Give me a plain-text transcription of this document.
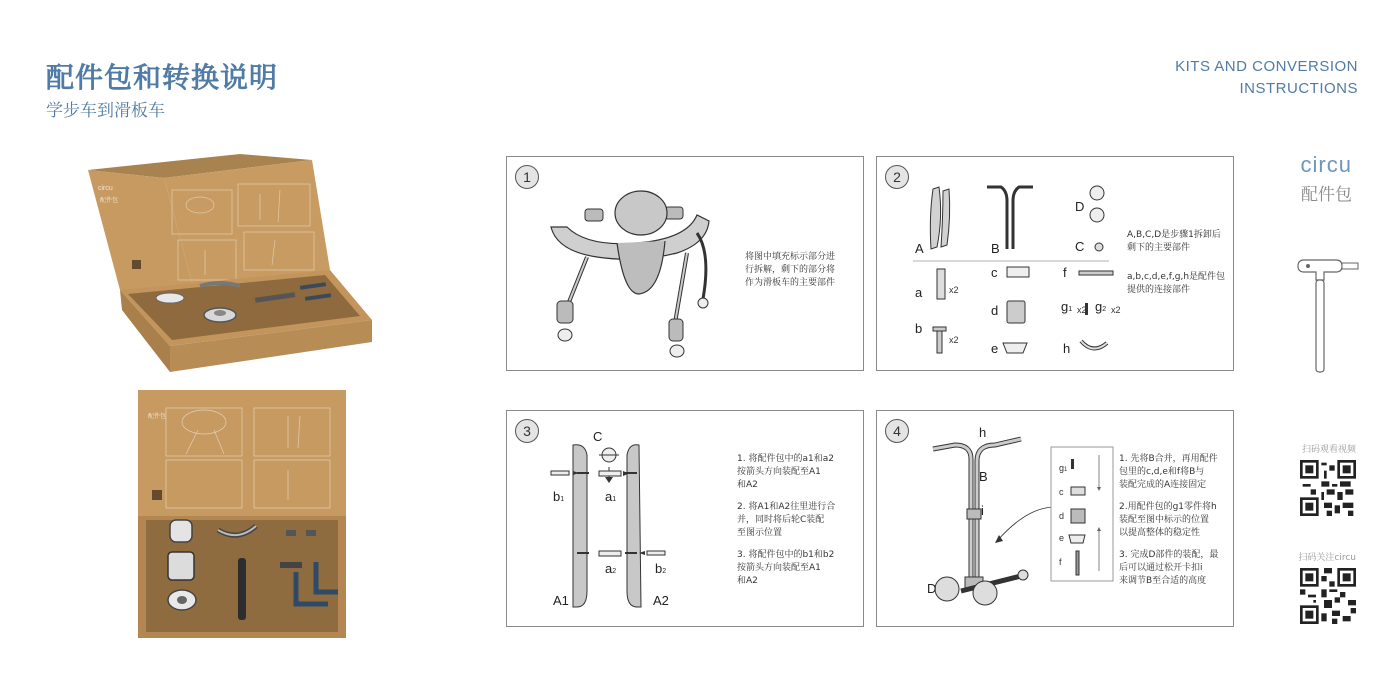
配件包和转换说明
学步车到滑板车
KITS AND CONVERSION
INSTRUCTIONS
circu
配件包
配件包
1
将图中填充标示部分进
行拆解，剩下的部分将
作为滑板车的主要部件
2
A	B
D
C
a	x2
b
x2
c
d
e
f
g1 x2 g2 x2
h
A,B,C,D是步骤1拆卸后
剩下的主要部件
a,b,c,d,e,f,g,h是配件包
提供的连接部件
3	C
b1	a1
a2	b2
A1	A2
1. 将配件包中的a1和a2
按箭头方向装配至A1
和A2
2. 将A1和A2往里进行合
并，同时将后轮C装配
至图示位置
3. 将配件包中的b1和b2
按箭头方向装配至A1
和A2
4	h
B
i
D
g1
c
d
e
f
1. 先将B合并，再用配件
包里的c,d,e和f将B与
装配完成的A连接固定
2.用配件包的g1零件将h
装配至图中标示的位置
以提高整体的稳定性
3. 完成D部件的装配，最
后可以通过松开卡扣i
来调节B至合适的高度
circu
配件包
扫码观看视频
扫码关注circu
